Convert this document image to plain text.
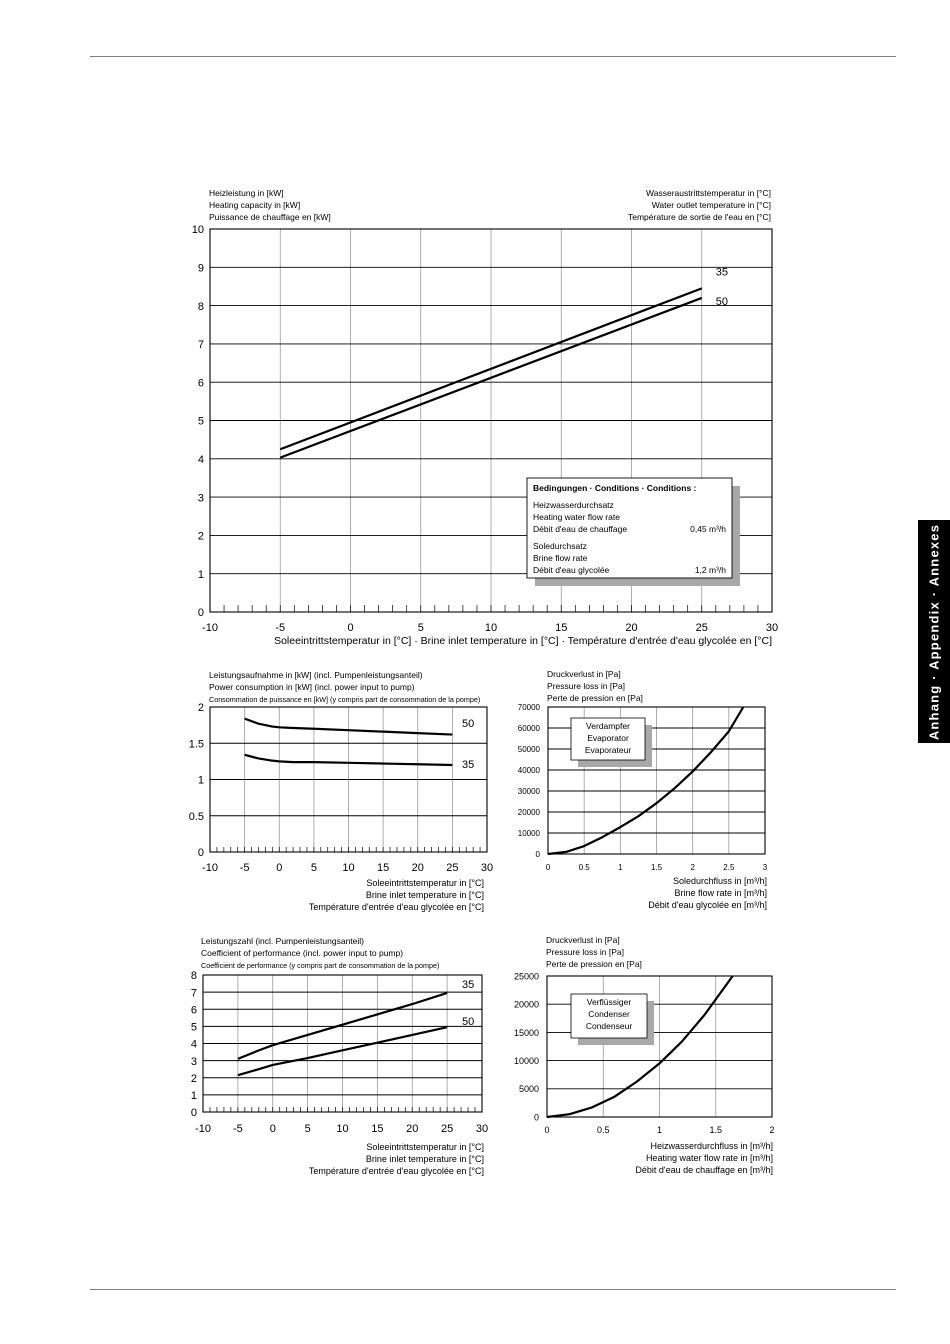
Anhang · Appendix · Annexes
-10	-5	0	5	10	15	20	25	30
0
1
2
3
4
5
6
7
8
9
10
35
50
Heizleistung in [kW]
Heating capacity in [kW]
Puissance de chauffage en [kW]
Wasseraustrittstemperatur in [°C]
Water outlet temperature in [°C]
Température de sortie de l'eau en [°C]
Soleeintrittstemperatur in [°C] · Brine inlet temperature in [°C] · Température d'entrée d'eau glycolée en [°C]
Bedingungen · Conditions · Conditions :
Heizwasserdurchsatz
Heating water flow rate
Débit d'eau de chauffage	0,45 m³/h
Soledurchsatz
Brine flow rate
Débit d'eau glycolée	1,2 m³/h
-10 -5 0	5 10 15 20 25 30
0
0.5
1
1.5
2
50
35
Leistungsaufnahme in [kW] (incl. Pumpenleistungsanteil)
Power consumption in [kW] (incl. power input to pump)
Consommation de puissance en [kW] (y compris part de consommation de la pompe)
Soleeintrittstemperatur in [°C]
Brine inlet temperature in [°C]
Température d'entrée d'eau glycolée en [°C]
0	0.5	1	1.5	2	2.5	3
0
10000
20000
30000
40000
50000
60000
70000
Druckverlust in [Pa]
Pressure loss in [Pa]
Perte de pression en [Pa]
Soledurchfluss in [m³/h]
Brine flow rate in [m³/h]
Débit d'eau glycolée en [m³/h]
Verdampfer
Evaporator
Evaporateur
-10 -5 0	5 10 15 20 25 30
0
1
2
3
4
5
6
7
8
35
50
Leistungszahl (incl. Pumpenleistungsanteil)
Coefficient of performance (incl. power input to pump)
Coefficient de performance (y compris part de consommation de la pompe)
Soleeintrittstemperatur in [°C]
Brine inlet temperature in [°C]
Température d'entrée d'eau glycolée en [°C]
0	0.5	1	1.5	2
0
5000
10000
15000
20000
25000
Druckverlust in [Pa]
Pressure loss in [Pa]
Perte de pression en [Pa]
Heizwasserdurchfluss in [m³/h]
Heating water flow rate in [m³/h]
Débit d'eau de chauffage en [m³/h]
Verflüssiger
Condenser
Condenseur
